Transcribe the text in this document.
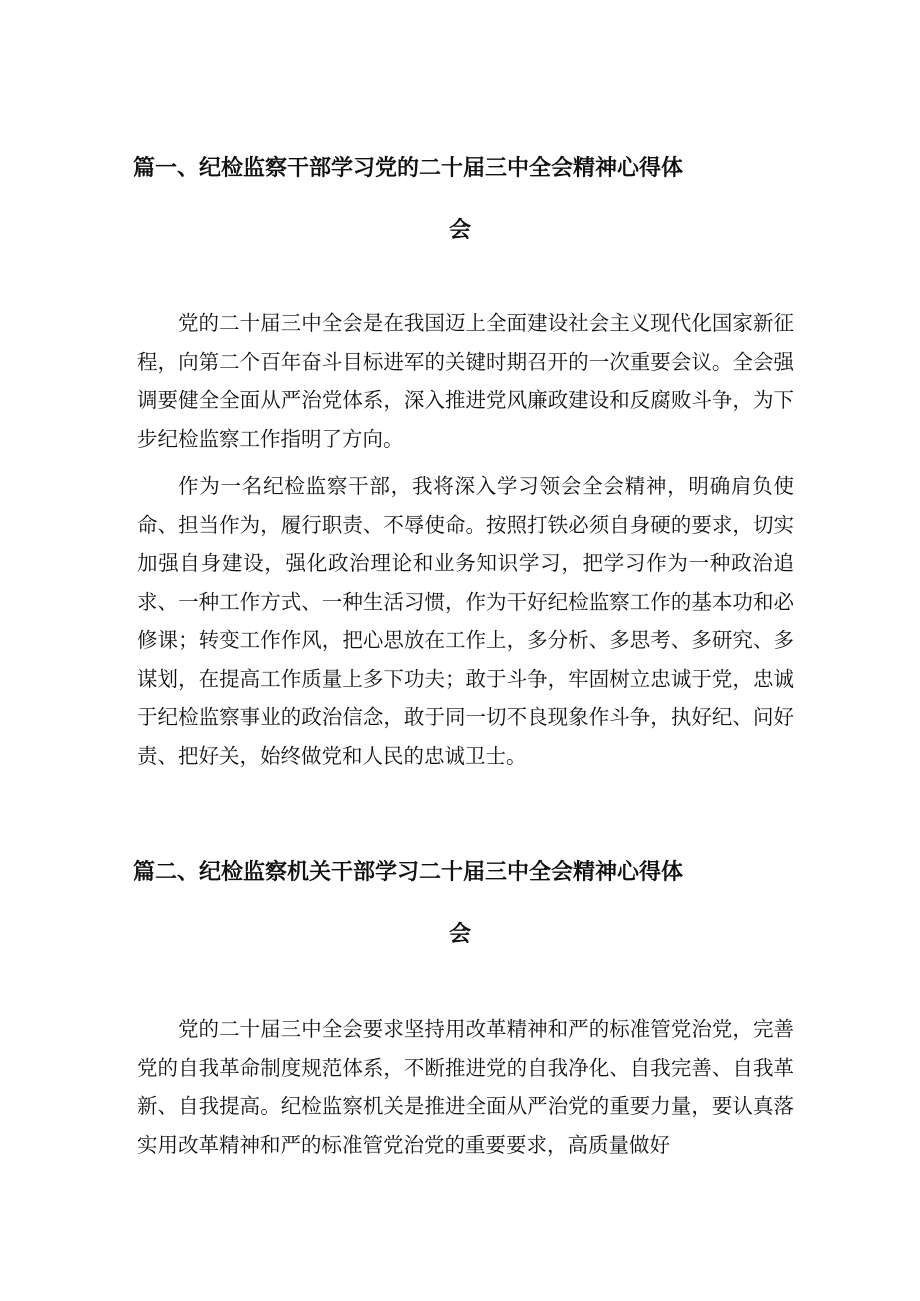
篇一、纪检监察干部学习党的二十届三中全会精神心得体
会

党的二十届三中全会是在我国迈上全面建设社会主义现代化国家新征程，向第二个百年奋斗目标进军的关键时期召开的一次重要会议。全会强调要健全全面从严治党体系，深入推进党风廉政建设和反腐败斗争，为下步纪检监察工作指明了方向。

作为一名纪检监察干部，我将深入学习领会全会精神，明确肩负使命、担当作为，履行职责、不辱使命。按照打铁必须自身硬的要求，切实加强自身建设，强化政治理论和业务知识学习，把学习作为一种政治追求、一种工作方式、一种生活习惯，作为干好纪检监察工作的基本功和必修课；转变工作作风，把心思放在工作上，多分析、多思考、多研究、多谋划，在提高工作质量上多下功夫；敢于斗争，牢固树立忠诚于党，忠诚于纪检监察事业的政治信念，敢于同一切不良现象作斗争，执好纪、问好责、把好关，始终做党和人民的忠诚卫士。

篇二、纪检监察机关干部学习二十届三中全会精神心得体
会

党的二十届三中全会要求坚持用改革精神和严的标准管党治党，完善党的自我革命制度规范体系，不断推进党的自我净化、自我完善、自我革新、自我提高。纪检监察机关是推进全面从严治党的重要力量，要认真落实用改革精神和严的标准管党治党的重要要求，高质量做好
